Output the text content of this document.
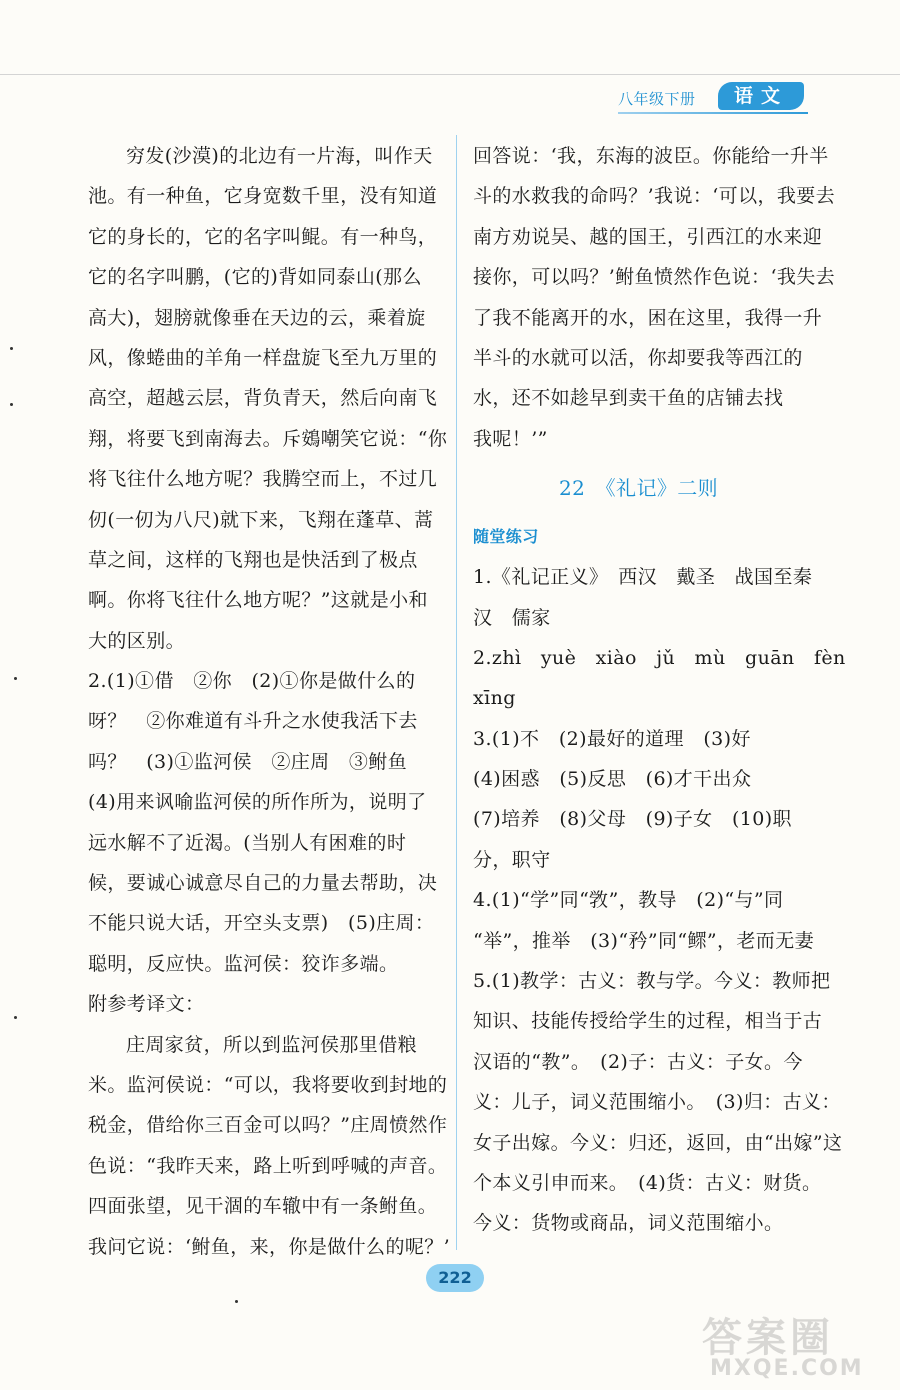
八年级下册	语文
穷发(沙漠)的北边有一片海，叫作天
池。有一种鱼，它身宽数千里，没有知道
它的身长的，它的名字叫鲲。有一种鸟，
它的名字叫鹏，(它的)背如同泰山(那么
高大)，翅膀就像垂在天边的云，乘着旋
风，像蜷曲的羊角一样盘旋飞至九万里的
高空，超越云层，背负青天，然后向南飞
翔，将要飞到南海去。斥鴳嘲笑它说：“你
将飞往什么地方呢？我腾空而上，不过几
仞(一仞为八尺)就下来，飞翔在蓬草、蒿
草之间，这样的飞翔也是快活到了极点
啊。你将飞往什么地方呢？”这就是小和
大的区别。
2.(1)①借　②你　(2)①你是做什么的
呀？　②你难道有斗升之水使我活下去
吗？　(3)①监河侯　②庄周　③鲋鱼
(4)用来讽喻监河侯的所作所为，说明了
远水解不了近渴。(当别人有困难的时
候，要诚心诚意尽自己的力量去帮助，决
不能只说大话，开空头支票)　(5)庄周：
聪明，反应快。监河侯：狡诈多端。
附参考译文：
庄周家贫，所以到监河侯那里借粮
米。监河侯说：“可以，我将要收到封地的
税金，借给你三百金可以吗？”庄周愤然作
色说：“我昨天来，路上听到呼喊的声音。
四面张望，见干涸的车辙中有一条鲋鱼。
我问它说：‘鲋鱼，来，你是做什么的呢？’
回答说：‘我，东海的波臣。你能给一升半
斗的水救我的命吗？’我说：‘可以，我要去
南方劝说吴、越的国王，引西江的水来迎
接你，可以吗？’鲋鱼愤然作色说：‘我失去
了我不能离开的水，困在这里，我得一升
半斗的水就可以活，你却要我等西江的
水，还不如趁早到卖干鱼的店铺去找
我呢！’”
22　《礼记》二则
随堂练习
1.《礼记正义》　西汉　戴圣　战国至秦
汉　儒家
2.zhì　yuè　xiào　jǔ　mù　guān　fèn
xīng
3.(1)不　(2)最好的道理　(3)好
(4)困惑　(5)反思　(6)才干出众
(7)培养　(8)父母　(9)子女　(10)职
分，职守
4.(1)“学”同“敩”，教导　(2)“与”同
“举”，推举　(3)“矜”同“鳏”，老而无妻
5.(1)教学：古义：教与学。今义：教师把
知识、技能传授给学生的过程，相当于古
汉语的“教”。　(2)子：古义：子女。今
义：儿子，词义范围缩小。　(3)归：古义：
女子出嫁。今义：归还，返回，由“出嫁”这
个本义引申而来。　(4)货：古义：财货。
今义：货物或商品，词义范围缩小。
222
答案圈
MXQE.COM
